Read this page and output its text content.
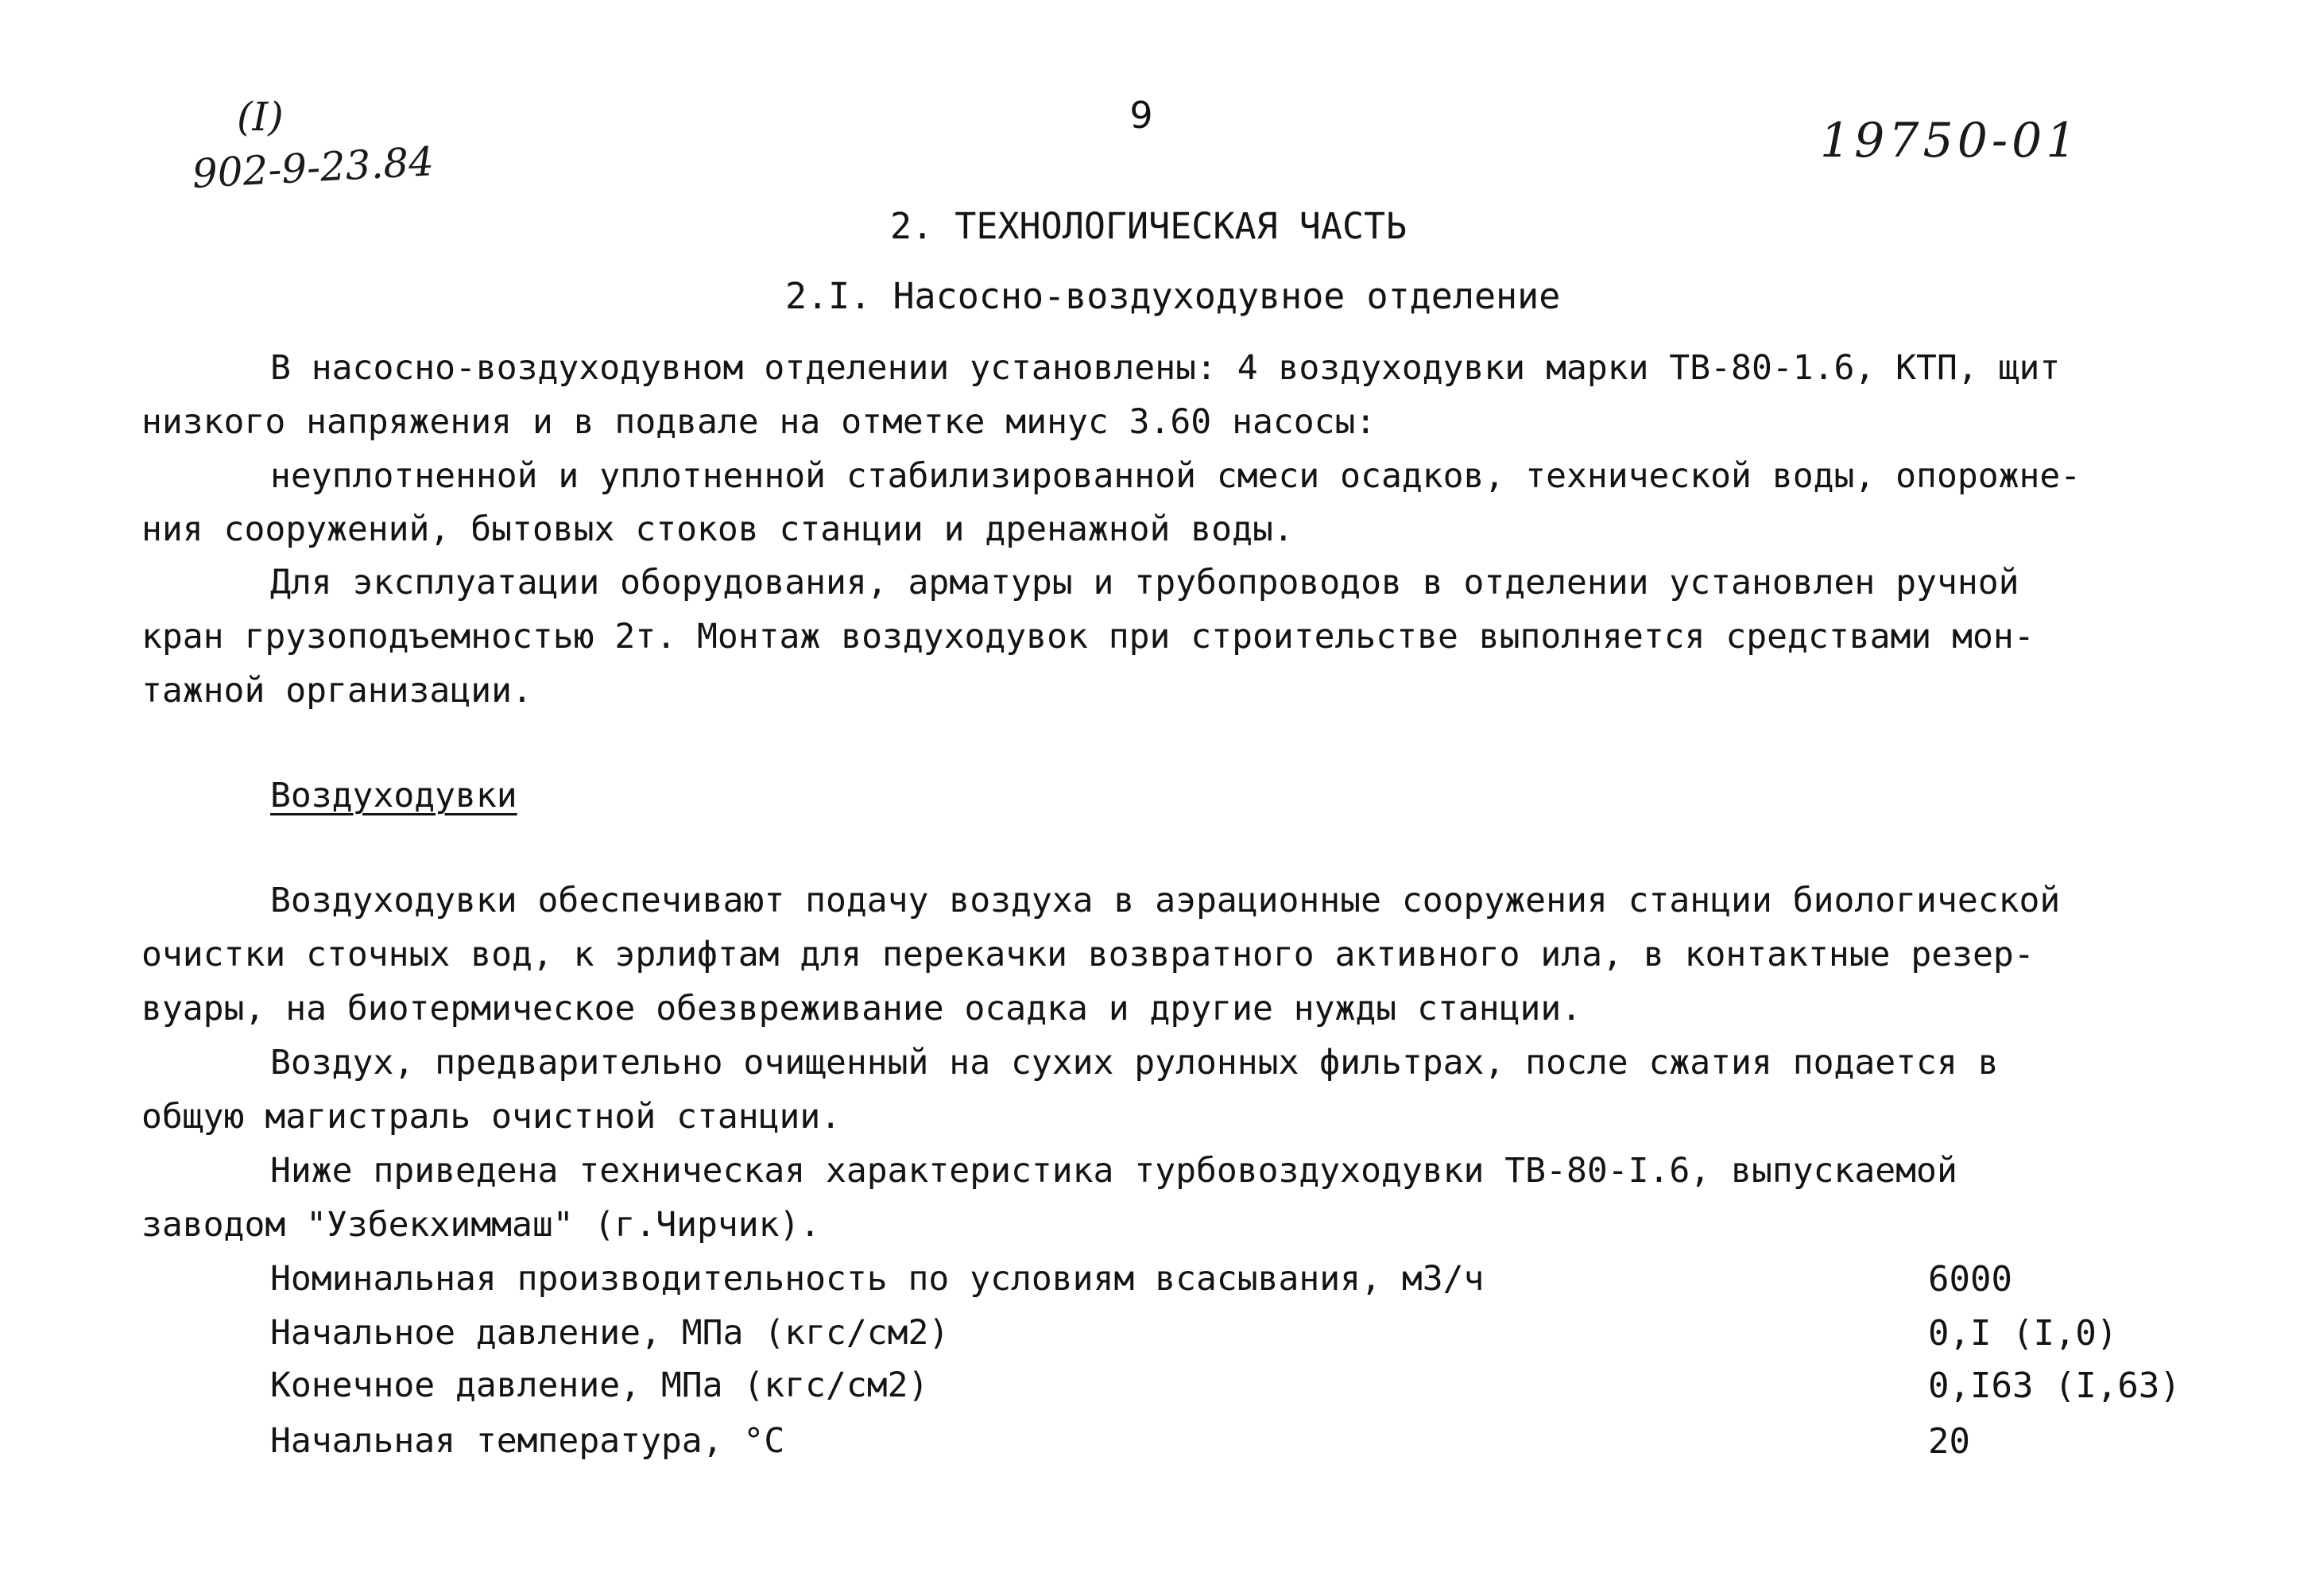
(I)
902-9-23.84	19750-01
9
2. ТЕХНОЛОГИЧЕСКАЯ ЧАСТЬ
2.I. Насосно-воздуходувное отделение
В насосно-воздуходувном отделении установлены: 4 воздуходувки марки ТВ-80-1.6, КТП, щит
низкого напряжения и в подвале на отметке минус 3.60 насосы:
неуплотненной и уплотненной стабилизированной смеси осадков, технической воды, опорожне-
ния сооружений, бытовых стоков станции и дренажной воды.
Для эксплуатации оборудования, арматуры и трубопроводов в отделении установлен ручной
кран грузоподъемностью 2т. Монтаж воздуходувок при строительстве выполняется средствами мон-
тажной организации.
Воздуходувки
Воздуходувки обеспечивают подачу воздуха в аэрационные сооружения станции биологической
очистки сточных вод, к эрлифтам для перекачки возвратного активного ила, в контактные резер-
вуары, на биотермическое обезвреживание осадка и другие нужды станции.
Воздух, предварительно очищенный на сухих рулонных фильтрах, после сжатия подается в
общую магистраль очистной станции.
Ниже приведена техническая характеристика турбовоздуходувки ТВ-80-I.6, выпускаемой
заводом "Узбекхиммаш" (г.Чирчик).
Номинальная производительность по условиям всасывания, м3/ч	6000
Начальное давление, МПа (кгс/см2)	0,I (I,0)
Конечное давление, МПа (кгс/см2)	0,I63 (I,63)
Начальная температура, °С	20
